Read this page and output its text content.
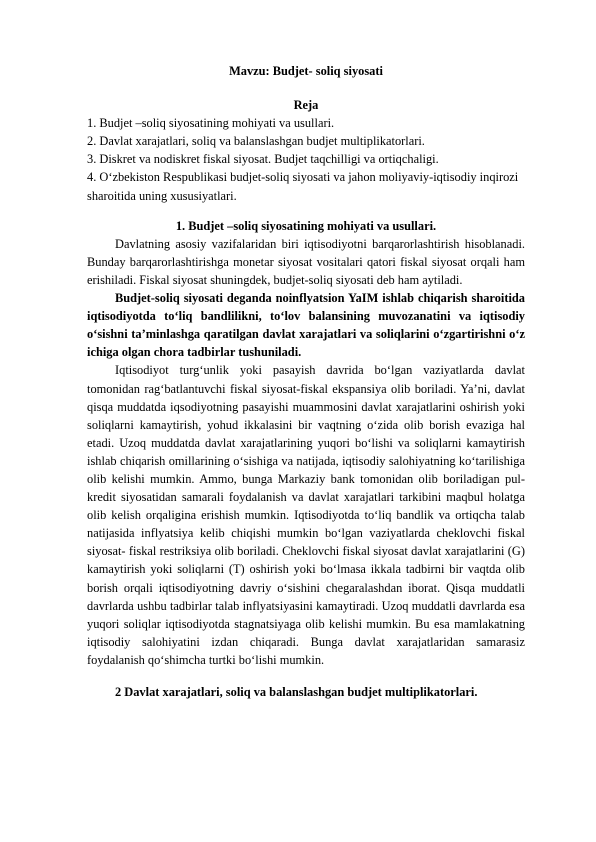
Mavzu: Budjet- soliq siyosati

Reja

1. Budjet –soliq siyosatining mohiyati va usullari.

2. Davlat xarajatlari, soliq va balanslashgan budjet multiplikatorlari.

3. Diskret va nodiskret fiskal siyosat. Budjet taqchilligi va ortiqchaligi.

4. O‘zbekiston Respublikasi budjet-soliq siyosati va jahon moliyaviy-iqtisodiy inqirozi sharoitida uning xususiyatlari.

1. Budjet –soliq siyosatining mohiyati va usullari.

Davlatning asosiy vazifalaridan biri iqtisodiyotni barqarorlashtirish hisoblanadi. Bunday barqarorlashtirishga monetar siyosat vositalari qatori fiskal siyosat orqali ham erishiladi. Fiskal siyosat shuningdek, budjet-soliq siyosati deb ham aytiladi.

Budjet-soliq siyosati deganda noinflyatsion YaIM ishlab chiqarish sharoitida iqtisodiyotda to‘liq bandlilikni, to‘lov balansining muvozanatini va iqtisodiy o‘sishni ta’minlashga qaratilgan davlat xarajatlari va soliqlarini o‘zgartirishni o‘z ichiga olgan chora tadbirlar tushuniladi.

Iqtisodiyot turg‘unlik yoki pasayish davrida bo‘lgan vaziyatlarda davlat tomonidan rag‘batlantuvchi fiskal siyosat-fiskal ekspansiya olib boriladi. Ya’ni, davlat qisqa muddatda iqsodiyotning pasayishi muammosini davlat xarajatlarini oshirish yoki soliqlarni kamaytirish, yohud ikkalasini bir vaqtning o‘zida olib borish evaziga hal etadi. Uzoq muddatda davlat xarajatlarining yuqori bo‘lishi va soliqlarni kamaytirish ishlab chiqarish omillarining o‘sishiga va natijada, iqtisodiy salohiyatning ko‘tarilishiga olib kelishi mumkin. Ammo, bunga Markaziy bank tomonidan olib boriladigan pul-kredit siyosatidan samarali foydalanish va davlat xarajatlari tarkibini maqbul holatga olib kelish orqaligina erishish mumkin. Iqtisodiyotda to‘liq bandlik va ortiqcha talab natijasida inflyatsiya kelib chiqishi mumkin bo‘lgan vaziyatlarda cheklovchi fiskal siyosat- fiskal restriksiya olib boriladi. Cheklovchi fiskal siyosat davlat xarajatlarini (G) kamaytirish yoki soliqlarni (T) oshirish yoki bo‘lmasa ikkala tadbirni bir vaqtda olib borish orqali iqtisodiyotning davriy o‘sishini chegaralashdan iborat. Qisqa muddatli davrlarda ushbu tadbirlar talab inflyatsiyasini kamaytiradi. Uzoq muddatli davrlarda esa yuqori soliqlar iqtisodiyotda stagnatsiyaga olib kelishi mumkin. Bu esa mamlakatning iqtisodiy salohiyatini izdan chiqaradi. Bunga davlat xarajatlaridan samarasiz foydalanish qo‘shimcha turtki bo‘lishi mumkin.

2 Davlat xarajatlari, soliq va balanslashgan budjet multiplikatorlari.
